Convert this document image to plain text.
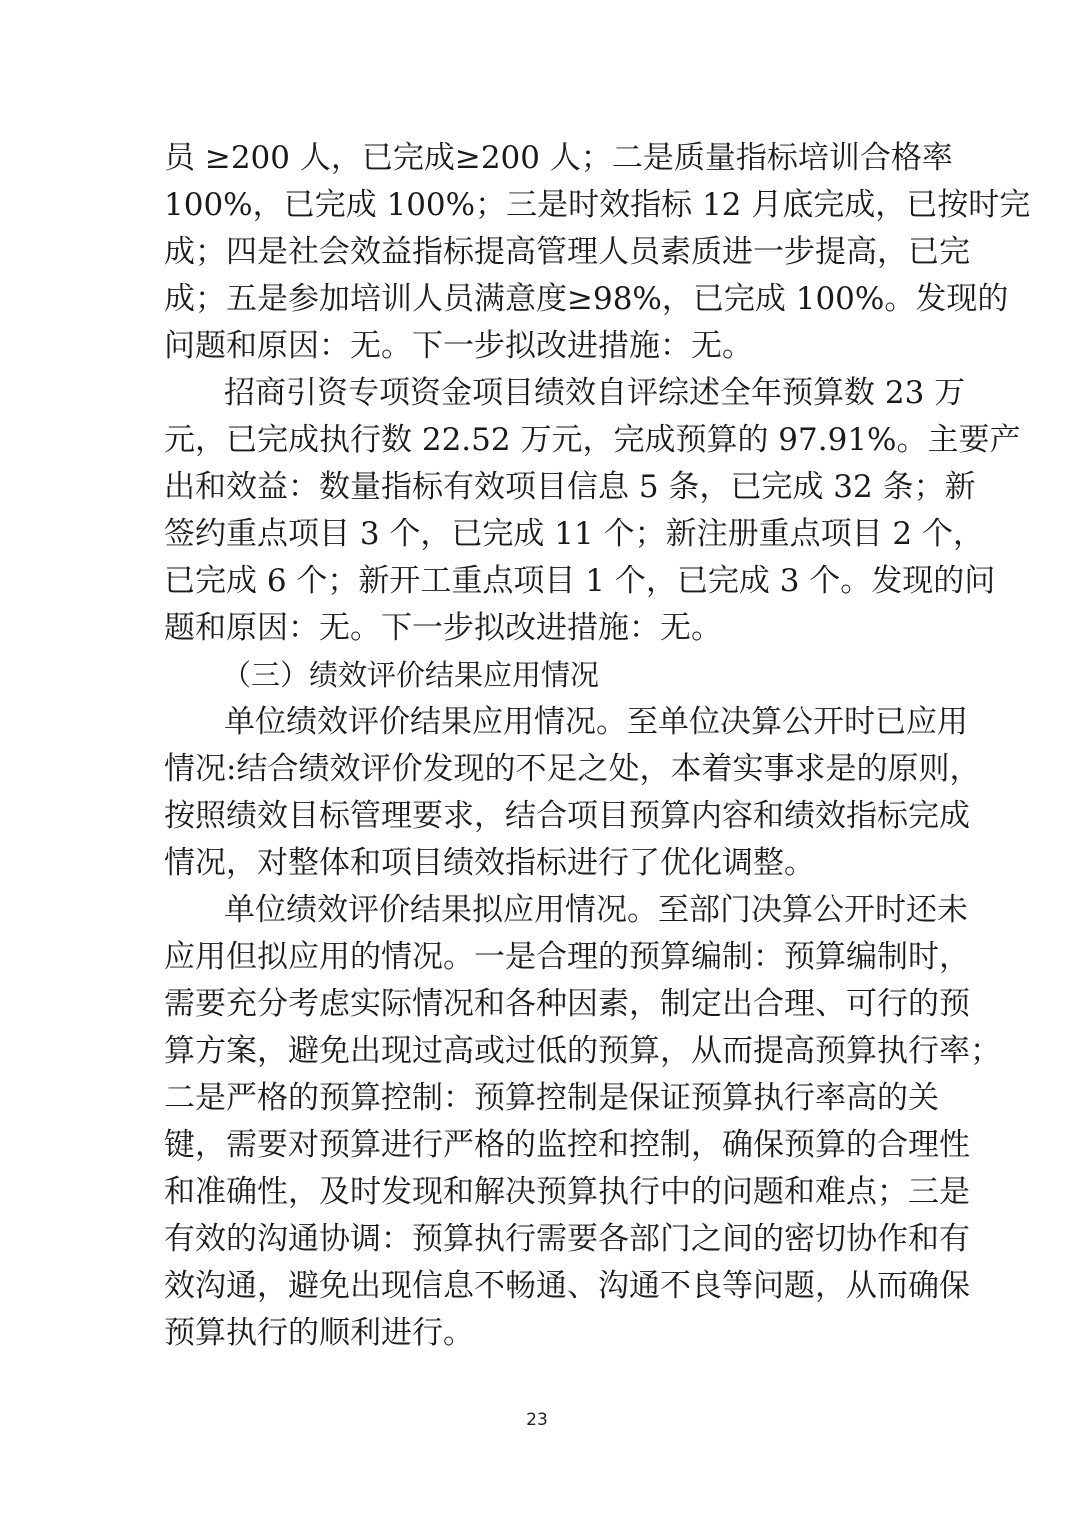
员 ≥200 人，已完成≥200 人；二是质量指标培训合格率
100%，已完成 100%；三是时效指标 12 月底完成，已按时完
成；四是社会效益指标提高管理人员素质进一步提高，已完
成；五是参加培训人员满意度≥98%，已完成 100%。发现的
问题和原因：无。下一步拟改进措施：无。
招商引资专项资金项目绩效自评综述全年预算数 23 万
元，已完成执行数 22.52 万元，完成预算的 97.91%。主要产
出和效益：数量指标有效项目信息 5 条，已完成 32 条；新
签约重点项目 3 个，已完成 11 个；新注册重点项目 2 个，
已完成 6 个；新开工重点项目 1 个，已完成 3 个。发现的问
题和原因：无。下一步拟改进措施：无。
（三）绩效评价结果应用情况
单位绩效评价结果应用情况。至单位决算公开时已应用
情况:结合绩效评价发现的不足之处，本着实事求是的原则，
按照绩效目标管理要求，结合项目预算内容和绩效指标完成
情况，对整体和项目绩效指标进行了优化调整。
单位绩效评价结果拟应用情况。至部门决算公开时还未
应用但拟应用的情况。一是合理的预算编制：预算编制时，
需要充分考虑实际情况和各种因素，制定出合理、可行的预
算方案，避免出现过高或过低的预算，从而提高预算执行率；
二是严格的预算控制：预算控制是保证预算执行率高的关
键，需要对预算进行严格的监控和控制，确保预算的合理性
和准确性，及时发现和解决预算执行中的问题和难点；三是
有效的沟通协调：预算执行需要各部门之间的密切协作和有
效沟通，避免出现信息不畅通、沟通不良等问题，从而确保
预算执行的顺利进行。
23
